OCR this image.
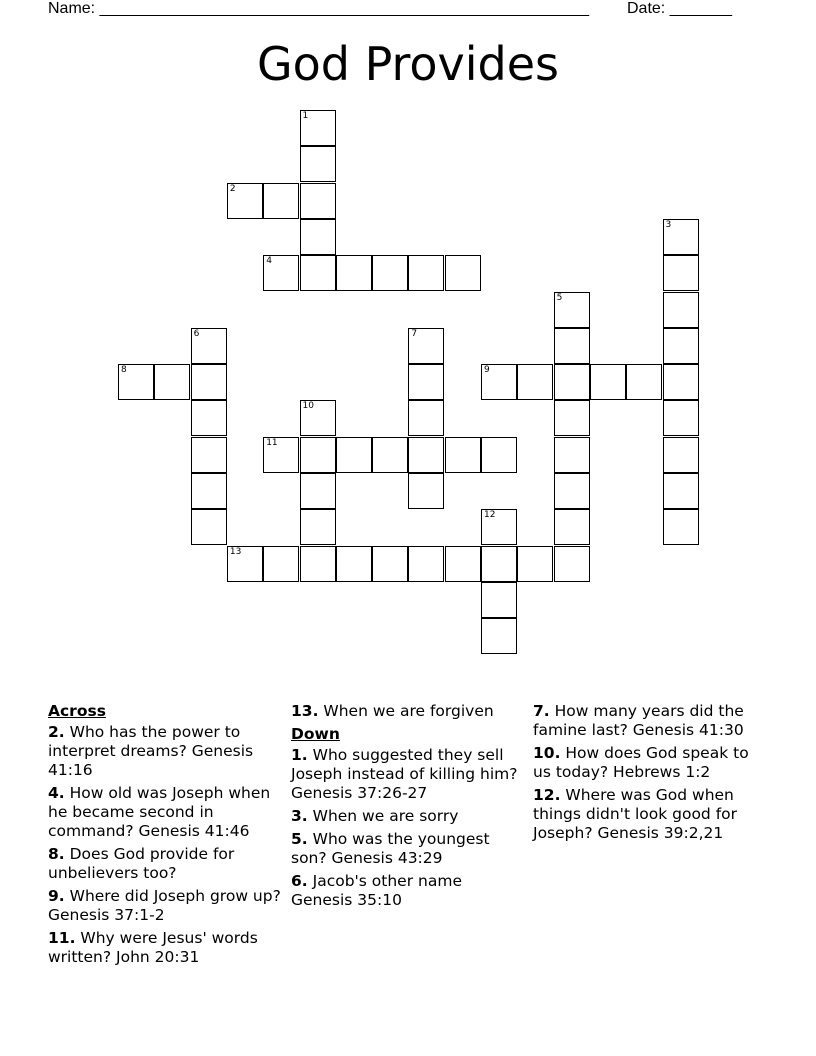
Name: _______________________________________________________ Date: _______
God Provides
1
2
3
4
5
6	7
8	9
10
11
12
13

Across

2. Who has the power to interpret dreams? Genesis 41:16

4. How old was Joseph when he became second in command? Genesis 41:46

8. Does God provide for unbelievers too?

9. Where did Joseph grow up? Genesis 37:1-2

11. Why were Jesus' words written? John 20:31

13. When we are forgiven

Down

1. Who suggested they sell Joseph instead of killing him?Genesis 37:26-27

3. When we are sorry

5. Who was the youngest son? Genesis 43:29

6. Jacob's other name Genesis 35:10

7. How many years did the famine last? Genesis 41:30

10. How does God speak to us today? Hebrews 1:2

12. Where was God when things didn't look good for Joseph? Genesis 39:2,21
